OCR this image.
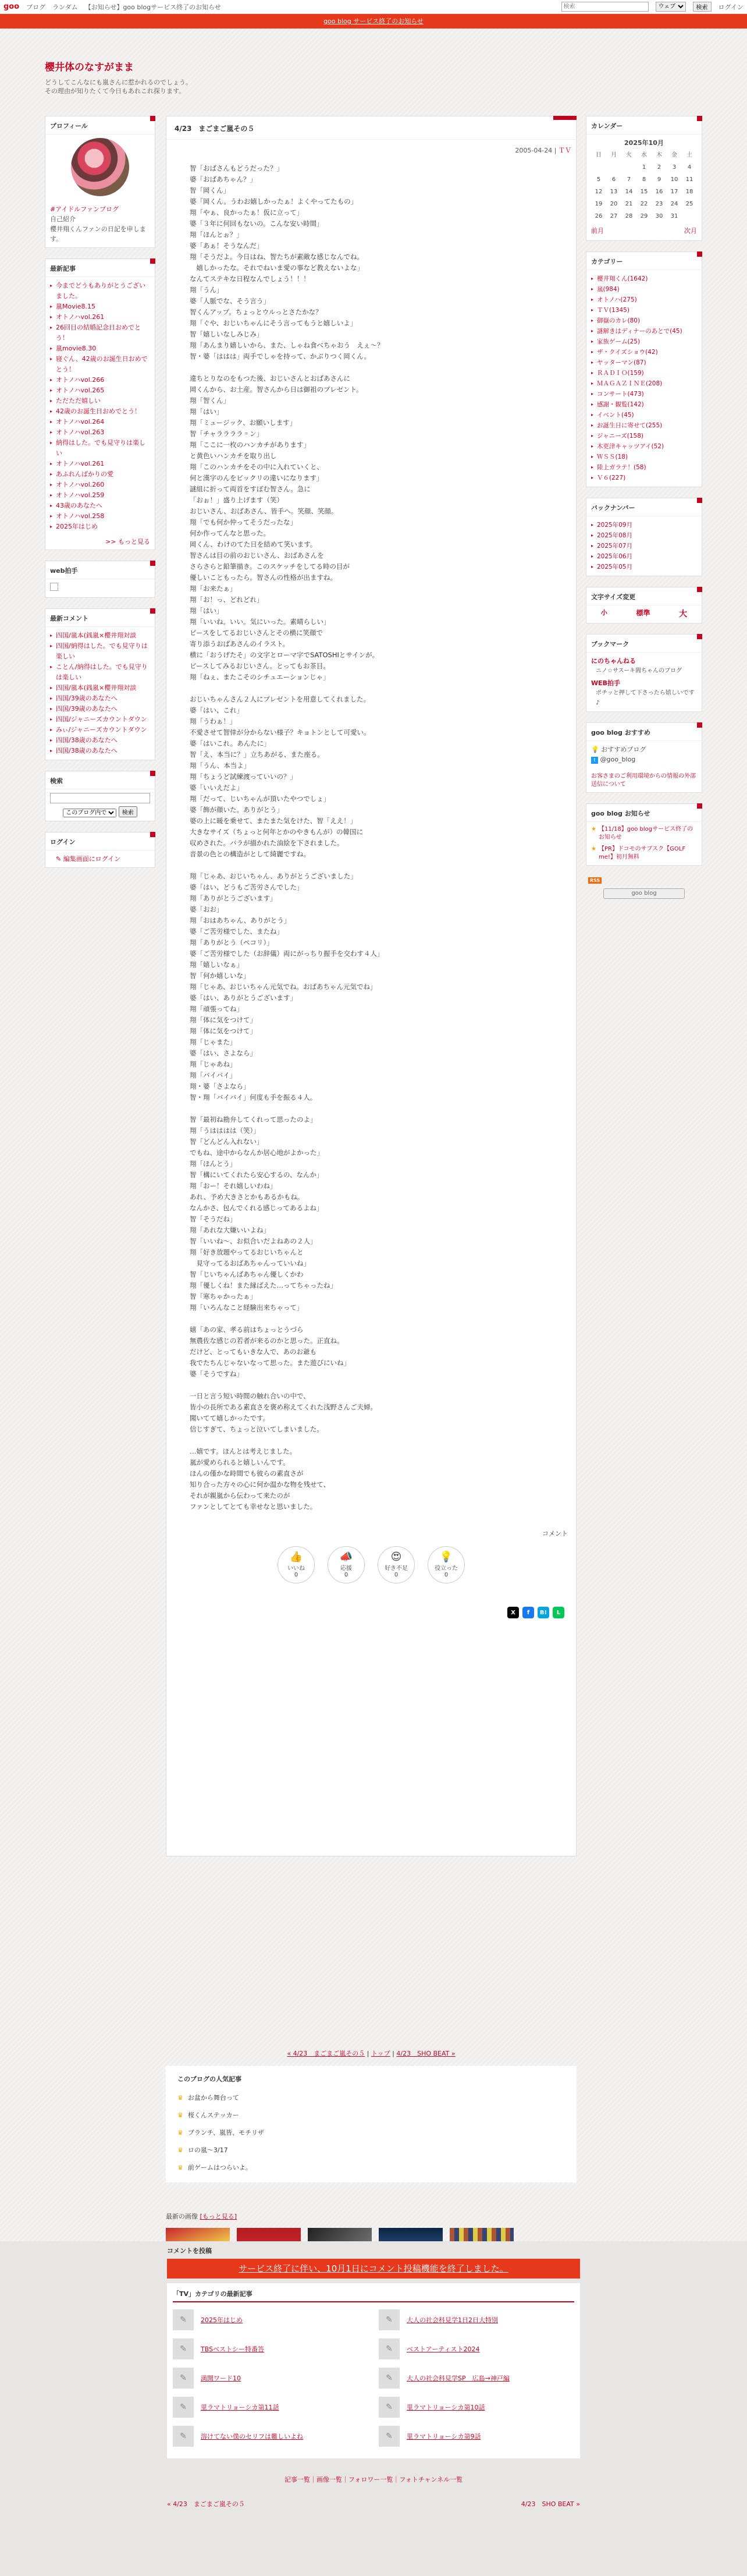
goo ブログ ランダム 【お知らせ】goo blogサービス終了のお知らせ
検索
ウェブ	検索	ログイン
goo blog サービス終了のお知らせ
櫻井体のなすがまま

どうしてこんなにも嵐さんに惹かれるのでしょう。
その理由が知りたくて今日もあれこれ探ります。

プロフィール
#アイドルファンブログ
自己紹介
櫻井翔くんファンの日記を申します。
最新記事
▸ 今までどうもありがとうございました。
▸ 嵐Movie8.15
▸ オトノハvol.261
▸ 26回目の結婚記念日おめでとう！
▸ 嵐movie8.30
▸ 寝ぐん、42歳のお誕生日おめでとう！
▸ オトノハvol.266
▸ オトノハvol.265
▸ ただただ嬉しい
▸ 42歳のお誕生日おめでとう！
▸ オトノハvol.264
▸ オトノハvol.263
▸ 納得はした。でも見守りは楽しい
▸ オトノハvol.261
▸ あふれんばかりの愛
▸ オトノハvol.260
▸ オトノハvol.259
▸ 43歳のあなたへ
▸ オトノハvol.258
▸ 2025年はじめ
>> もっと見る
web拍手
最新コメント
▸ 四国/嵐本(銭嵐×櫻井翔対談
▸ 四国/納得はした。でも見守りは楽しい
▸ ことん/納得はした。でも見守りは楽しい
▸ 四国/嵐本(銭嵐×櫻井翔対談
▸ 四国/39歳のあなたへ
▸ 四国/39歳のあなたへ
▸ 四国/ジャニーズカウントダウン
▸ みぃ/ジャニーズカウントダウン
▸ 四国/38歳のあなたへ
▸ 四国/38歳のあなたへ
検索
このブログ内で 検索
ログイン
✎ 編集画面にログイン
4/23　まごまご嵐その５
2005-04-24 | ＴＶ
智「おばさんもどうだった？」
婆「おばあちゃん？」
智「岡くん」
婆「岡くん。うわお嬉しかったぁ！よくやってたもの」
翔「やぁ、良かったぁ！仮に立って」
婆「３年に何回もないの。こんな安い時間」
翔「ほんとぉ？」
婆「あぁ！そうなんだ」
翔「そうだよ。今日はね、智たちが素敵な感じなんでね。
　嬉しかったな。それでねいま愛の事など教えないよな」
なんてステキな日程なんでしょう！！！
翔「うん」
婆「人脈でな、そう言う」
智くんアップ。ちょっとウルっとさたかな？
翔「ぐや、おじいちゃんにそう言ってもうと嬉しいよ」
智「嬉しいなしみじみ」
翔「あんまり嬉しいから、また、しゃね食べちゃおう　えぇ～？
智・婆「ははは」両手でしゃを持って、かぶりつく岡くん。

違ちとりなのをもつた後、おじいさんとおばあさんに
岡くんから、お土産。智さんから日は御祖のプレゼント。
翔「智くん」
翔「はい」
翔「ミュージック、お願いします」
智「チャララララ゠ン」
翔「ここに一枚のハンカチがあります」
と黄色いハンカチを取り出し
翔「このハンカチをその中に入れていくと、
何と漢字のんをビックリの違いになります」
謎組に折って両首をすぼむ智さん。急に
「おぉ！」盛り上げます（笑）
おじいさん、おばあさん、皆手へ。笑顔、笑顔。
翔「でも何か仲ってそうだったな」
何か作ってんなと思った。
岡くん、わけのてた日を結めて笑います。
智さんは目の前のおじいさん、おばあさんを
さらさらと鉛筆描き。このスケッチをしてる時の目が
優しいこともったら。智さんの性格が出ますね。
翔「お来たぁ」
翔「お！っ、どれどれ」
翔「はい」
翔「いいね。いい。気にいった。素晴らしい」
ピースをしてるおじいさんとその横に笑顔で
寄り添うおばあさんのイラスト。
横に「おうげたそ」の文字とローマ字でSATOSHIとサインが。
ピースしてみるおじいさん。とってもお茶目。
翔「ねぇ、またこそのシチュエーションじゃ」

おじいちゃんさん２人にプレゼントを用意してくれました。
婆「はい、これ」
翔「うわぁ！」
不愛させて智倖が分からない様子？キョトンとして可愛い。
婆「はいこれ。あんたに」
智「え、本当に？」立ちあがる、また座る。
翔「うん、本当よ」
翔「ちょうど試練渡っていいの？」
婆「いいえだよ」
翔「だって、じいちゃんが頂いたやつでしょ」
婆「飾が顔いた。ありがとう」
婆の上に暖を乗せて、またまた気をけた、智「ええ！」
大きなサイズ（ちょっと何年とかのやきもんが）の韓国に
収めされた。バラが描かれた油絵を下されました。
音景の色との構造がとして綺麗ですね。

翔「じゃあ、おじいちゃん、ありがとうございました」
婆「はい、どうもご苦労さんでした」
翔「ありがとうございます」
婆「おお」
翔「おはあちゃん、ありがとう」
婆「ご苦労様でした、またね」
翔「ありがとう（ペコリ）」
婆「ご苦労様でした（お辞儀）両にがっちり握手を交わす４人」
翔「嬉しいなぁ」
智「何か嬉しいな」
翔「じゃあ、おじいちゃん元気でね。おばあちゃん元気でね」
婆「はい、ありがとうございます」
翔「頑張ってね」
翔「体に気をつけて」
翔「体に気をつけて」
翔「じゃまた」
婆「はい、さよなら」
翔「じゃあね」
翔「バイバイ」
翔・婆「さよなら」
智・翔「バイバイ」何度も手を振る４人。

智「最初ね勘弁してくれって思ったのよ」
翔「うはははは（笑）」
智「どんどん入れない」
でもね、途中からなんか居心地がよかった」
翔「ほんとう」
智「構にいてくれたら安心するの、なんか」
翔「おー！それ嬉しいわね」
あれ、予め大きさとかもあるかもね。
なんかさ、包んでくれる感じってあるよね」
智「そうだね」
翔「あれな大嫌いいよね」
智「いいね～、お似合いだよねあの２人」
翔「好き放題やってるおじいちゃんと
　見守ってるおばあちゃんっていいね」
智「じいちゃんばあちゃん優しくかわ
翔「優しくね！また縁ばえた…ってちゃったね」
智「寒ちゃかったぁ」
翔「いろんなこと経験出来ちゃって」

嬉「あの家、孝る前はちょっとうづら
無農佐な感じの若者が来るのかと思った。正直ね。
だけど、とってもいきな人で、あのお爺も
我でたちんじゃないなって思った。また遊びにいね」
婆「そうですね」

一日と言う短い時間の触れ合いの中で、
皆小の長所である素直さを褒め称えてくれた浅野さんご夫婦。
聞いてて嬉しかったです。
信じすぎて、ちょっと泣いてしまいました。

…嬉です。ほんとは考えじました。
嵐が愛められると嬉しいんです。
ほんの僅かな時間でも彼らの素直さが
知り合った方々の心に何か温かな物を残せて、
それが親嵐から伝わって来たのが
ファンとしてとても幸せなと思いました。
コメント
👍
いいね
0
📣
応援
0
😍
好き不足
0
💡
役立った
0
X	f	B!	L
« 4/23　まごまご嵐その５ | トップ | 4/23　SHO BEAT »
このブログの人気記事
♛ お盆から舞台って
♛ 桜くんステッカー
♛ ブランチ、嵐皆、モチリザ
♛ ロの嵐～3/17
♛ 前ゲームはつらいよ。
最新の画像 [もっと見る]
カレンダー
2025年10月
日	月	火	水	木	金	土
			1	2	3	4
5	6	7	8	9	10	11
12	13	14	15	16	17	18
19	20	21	22	23	24	25
26	27	28	29	30	31	
前月	次月
カテゴリー
▸ 櫻井翔くん(1642)
▸ 嵐(984)
▸ オトノハ(275)
▸ ＴＶ(1345)
▸ 御嶽のカレ(80)
▸ 謎解きはディナーのあとで(45)
▸ 家族ゲーム(25)
▸ ザ・クイズショウ(42)
▸ ヤッターマン(87)
▸ ＲＡＤＩＯ(159)
▸ ＭＡＧＡＺＩＮＥ(208)
▸ コンサート(473)
▸ 感謝・観覧(142)
▸ イベント(45)
▸ お誕生日に寄せて(255)
▸ ジャニーズ(158)
▸ 木更津キャッツアイ(52)
▸ ＷＳＳ(18)
▸ 陸上ガラテ！(58)
▸ Ｖ６(227)
バックナンバー
▸ 2025年09月
▸ 2025年08月
▸ 2025年07月
▸ 2025年06月
▸ 2025年05月
文字サイズ変更
小	標準	大
ブックマーク
にのちゃんねる
ニノ☆サスーキ閻ちゃんのブログ
WEB拍手
ポチッと押して下さったら嬉しいです♪
goo blog おすすめ
💡 おすすめブログ
t @goo_blog
お客さまのご利用環境からの情報の外部送信について
goo blog お知らせ
★ 【11/18】goo blogサービス終了のお知らせ
★ 【PR】ドコモのサブスク【GOLF me!】初月無料
RSS
goo blog
コメントを投稿
サービス終了に伴い、10月1日にコメント投稿機能を終了しました。
「TV」カテゴリの最新記事
✎	2025年はじめ	✎	大人の社会科見学1日2日大特別
✎	TBSベストシー特番答	✎	ベストアーティスト2024
✎	満開ワード10	✎	大人の社会科見学SP　広島→神戸編
✎	里ラマトリョーシカ第11話	✎	里ラマトリョーシカ第10話
✎	溶けてない僕のセリフは難しいよね	✎	里ラマトリョーシカ第9話
記事一覧｜画像一覧｜フォロワー一覧｜フォトチャンネル一覧
« 4/23　まごまご嵐その５	4/23　SHO BEAT »
